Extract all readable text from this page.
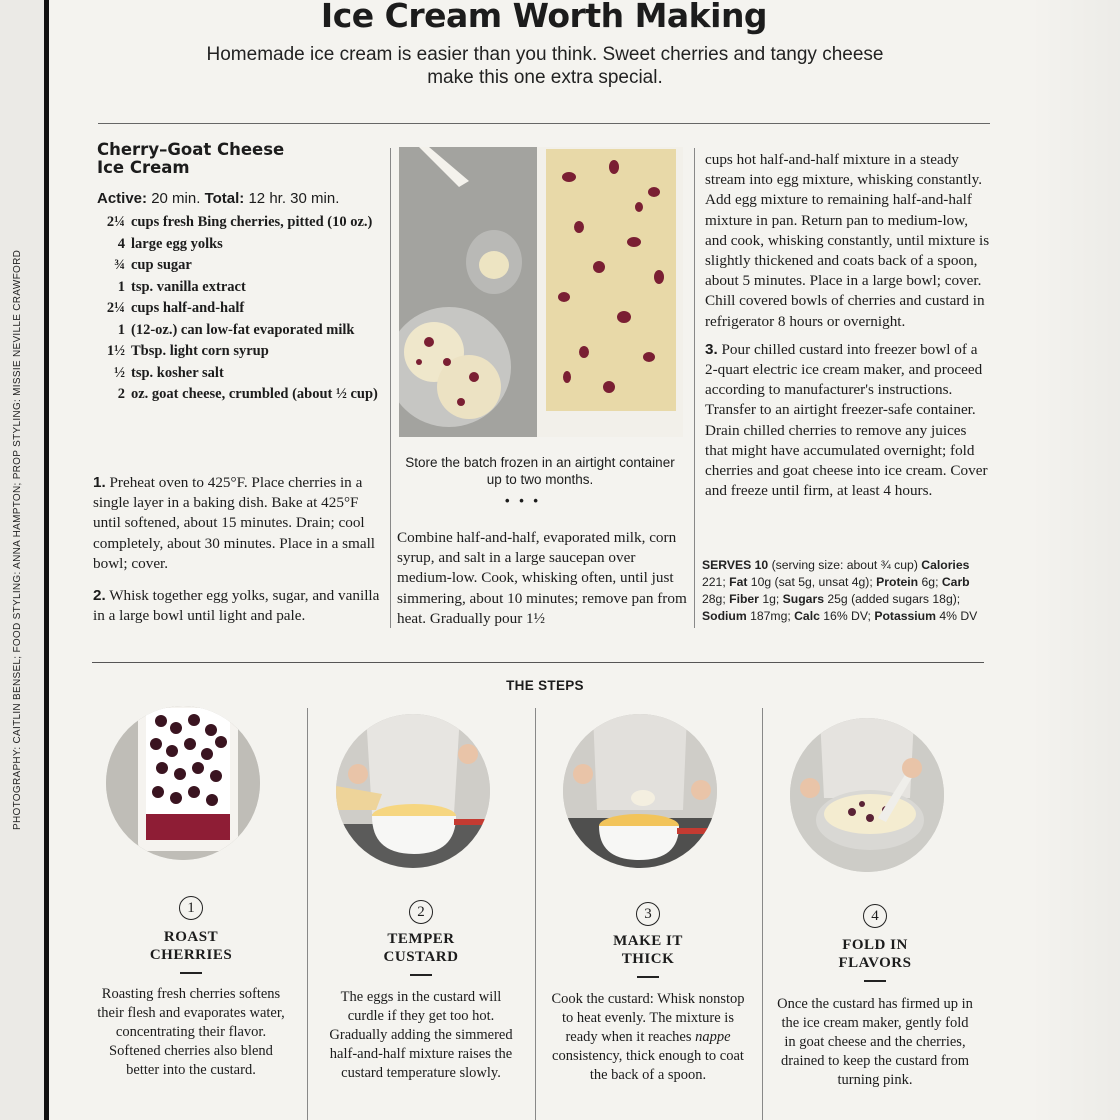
PHOTOGRAPHY: CAITLIN BENSEL; FOOD STYLING: ANNA HAMPTON; PROP STYLING: MISSIE NEVILLE CRAWFORD
Ice Cream Worth Making
Homemade ice cream is easier than you think. Sweet cherries and tangy cheese make this one extra special.
Cherry–Goat Cheese
Ice Cream
Active: 20 min. Total: 12 hr. 30 min.
2¼ cups fresh Bing cherries, pitted (10 oz.)
4 large egg yolks
¾ cup sugar
1 tsp. vanilla extract
2¼ cups half-and-half
1 (12-oz.) can low-fat evaporated milk
1½ Tbsp. light corn syrup
½ tsp. kosher salt
2 oz. goat cheese, crumbled (about ½ cup)
1. Preheat oven to 425°F. Place cherries in a single layer in a baking dish. Bake at 425°F until softened, about 15 minutes. Drain; cool completely, about 30 minutes. Place in a small bowl; cover.
2. Whisk together egg yolks, sugar, and vanilla in a large bowl until light and pale.
Store the batch frozen in an airtight container up to two months.
• • •
Combine half-and-half, evaporated milk, corn syrup, and salt in a large saucepan over medium-low. Cook, whisking often, until just simmering, about 10 minutes; remove pan from heat. Gradually pour 1½
cups hot half-and-half mixture in a steady stream into egg mixture, whisking constantly. Add egg mixture to remaining half-and-half mixture in pan. Return pan to medium-low, and cook, whisking constantly, until mixture is slightly thickened and coats back of a spoon, about 5 minutes. Place in a large bowl; cover. Chill covered bowls of cherries and custard in refrigerator 8 hours or overnight.
3. Pour chilled custard into freezer bowl of a 2-quart electric ice cream maker, and proceed according to manufacturer's instructions. Transfer to an airtight freezer-safe container. Drain chilled cherries to remove any juices that might have accumulated overnight; fold cherries and goat cheese into ice cream. Cover and freeze until firm, at least 4 hours.
SERVES 10 (serving size: about ¾ cup) Calories 221; Fat 10g (sat 5g, unsat 4g); Protein 6g; Carb 28g; Fiber 1g; Sugars 25g (added sugars 18g); Sodium 187mg; Calc 16% DV; Potassium 4% DV
THE STEPS
1
ROAST
CHERRIES
Roasting fresh cherries softens their flesh and evaporates water, concentrating their flavor. Softened cherries also blend better into the custard.
2
TEMPER
CUSTARD
The eggs in the custard will curdle if they get too hot. Gradually adding the simmered half-and-half mixture raises the custard temperature slowly.
3
MAKE IT
THICK
Cook the custard: Whisk nonstop to heat evenly. The mixture is ready when it reaches nappe consistency, thick enough to coat the back of a spoon.
4
FOLD IN
FLAVORS
Once the custard has firmed up in the ice cream maker, gently fold in goat cheese and the cherries, drained to keep the custard from turning pink.
